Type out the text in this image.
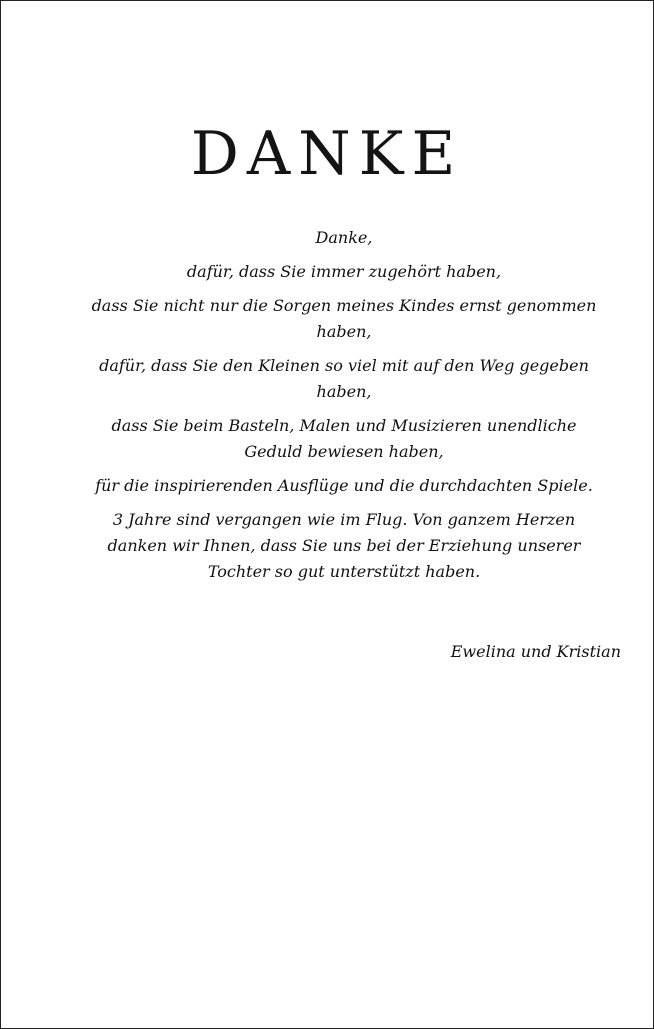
DANKE
Danke,
dafür, dass Sie immer zugehört haben,
dass Sie nicht nur die Sorgen meines Kindes ernst genommen haben,
dafür, dass Sie den Kleinen so viel mit auf den Weg gegeben haben,
dass Sie beim Basteln, Malen und Musizieren unendliche Geduld bewiesen haben,
für die inspirierenden Ausflüge und die durchdachten Spiele.
3 Jahre sind vergangen wie im Flug. Von ganzem Herzen danken wir Ihnen, dass Sie uns bei der Erziehung unserer Tochter so gut unterstützt haben.
Ewelina und Kristian
